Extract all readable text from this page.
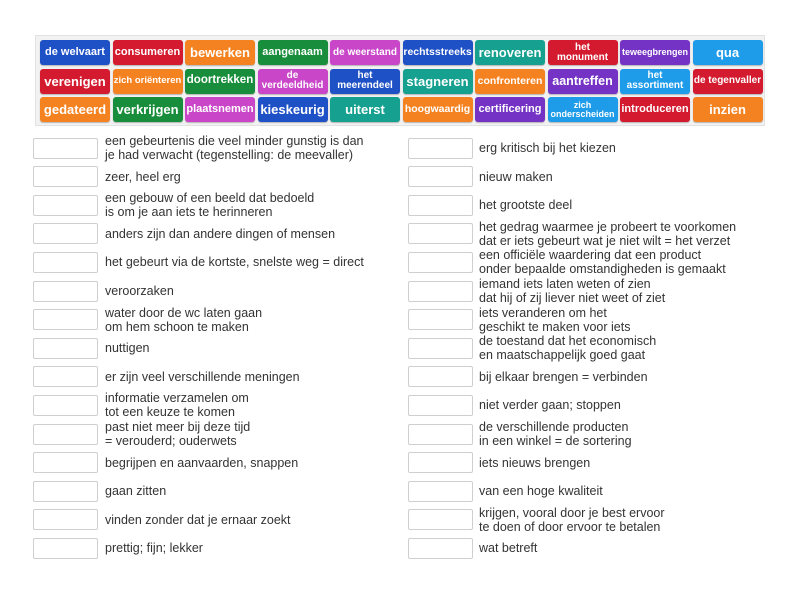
de welvaart consumeren bewerken aangenaam de weerstand rechtsstreeks renoveren	het monument	teweegbrengen qua
verenigen zich oriënteren doortrekken	de verdeeldheid
het meerendeel	stagneren confronteren aantreffen	het assortiment	de tegenvaller
gedateerd verkrijgen plaatsnemen kieskeurig uiterst hoogwaardig certificering	zich onderscheiden introduceren inzien
een gebeurtenis die veel minder gunstig is dan
je had verwacht (tegenstelling: de meevaller)
zeer, heel erg
een gebouw of een beeld dat bedoeld
is om je aan iets te herinneren
anders zijn dan andere dingen of mensen
het gebeurt via de kortste, snelste weg = direct
veroorzaken
water door de wc laten gaan
om hem schoon te maken
nuttigen
er zijn veel verschillende meningen
informatie verzamelen om
tot een keuze te komen
past niet meer bij deze tijd
= verouderd; ouderwets
begrijpen en aanvaarden, snappen
gaan zitten
vinden zonder dat je ernaar zoekt
prettig; fijn; lekker
erg kritisch bij het kiezen
nieuw maken
het grootste deel
het gedrag waarmee je probeert te voorkomen
dat er iets gebeurt wat je niet wilt = het verzet
een officiële waardering dat een product
onder bepaalde omstandigheden is gemaakt
iemand iets laten weten of zien
dat hij of zij liever niet weet of ziet
iets veranderen om het
geschikt te maken voor iets
de toestand dat het economisch
en maatschappelijk goed gaat
bij elkaar brengen = verbinden
niet verder gaan; stoppen
de verschillende producten
in een winkel = de sortering
iets nieuws brengen
van een hoge kwaliteit
krijgen, vooral door je best ervoor
te doen of door ervoor te betalen
wat betreft
